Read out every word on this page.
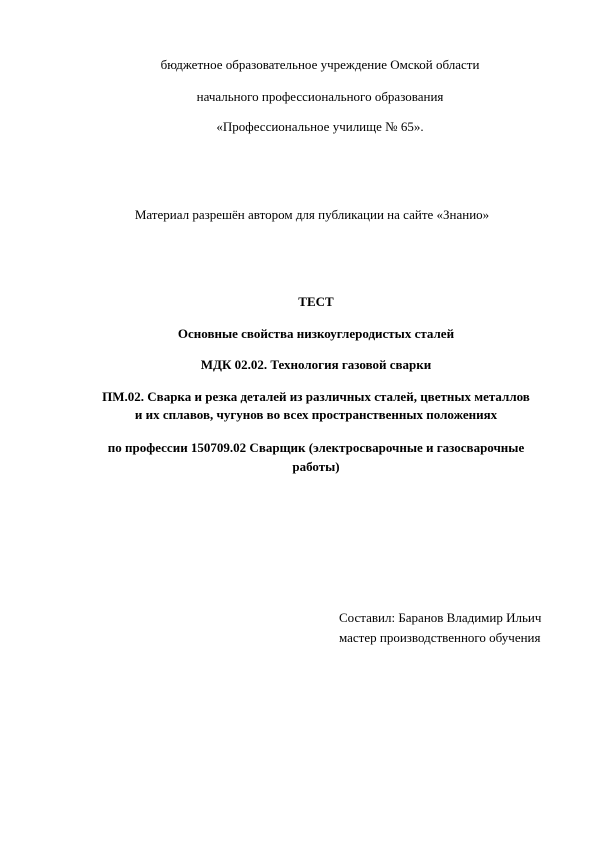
бюджетное образовательное учреждение Омской области
начального профессионального образования
«Профессиональное училище № 65».
Материал разрешён автором для публикации на сайте «Знанио»
ТЕСТ
Основные свойства низкоуглеродистых сталей
МДК 02.02. Технология газовой сварки
ПМ.02. Сварка и резка деталей из различных сталей, цветных металлов
и их сплавов, чугунов во всех пространственных положениях
по профессии 150709.02 Сварщик (электросварочные и газосварочные
работы)
Составил: Баранов Владимир Ильич
мастер производственного обучения
